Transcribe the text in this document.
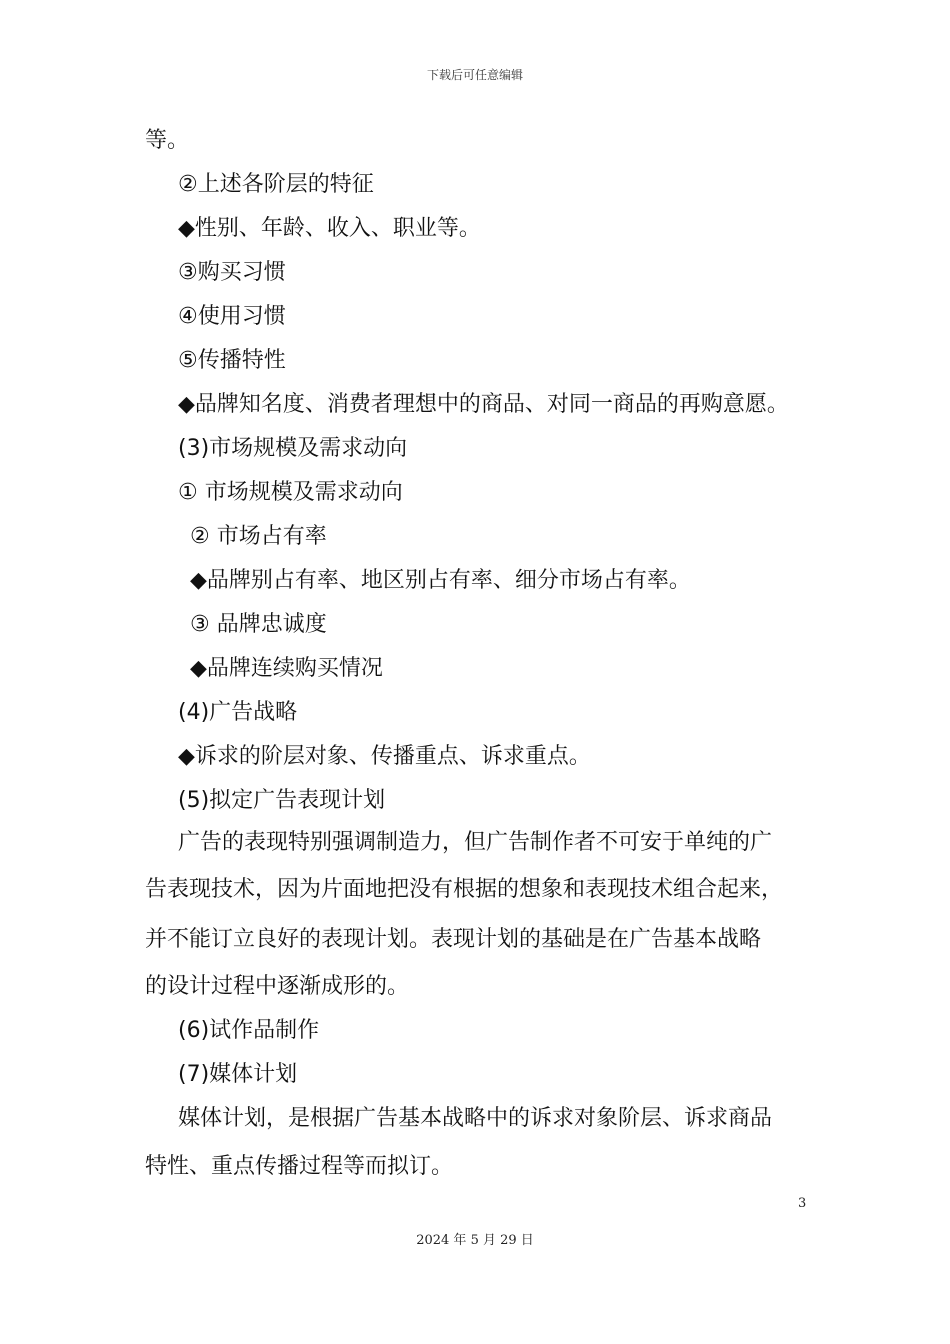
下载后可任意编辑
等。
②上述各阶层的特征
◆性别、年龄、收入、职业等。
③购买习惯
④使用习惯
⑤传播特性
◆品牌知名度、消费者理想中的商品、对同一商品的再购意愿。
(3)市场规模及需求动向
① 市场规模及需求动向
② 市场占有率
◆品牌别占有率、地区别占有率、细分市场占有率。
③ 品牌忠诚度
◆品牌连续购买情况
(4)广告战略
◆诉求的阶层对象、传播重点、诉求重点。
(5)拟定广告表现计划
广告的表现特别强调制造力，但广告制作者不可安于单纯的广
告表现技术，因为片面地把没有根据的想象和表现技术组合起来，
并不能订立良好的表现计划。表现计划的基础是在广告基本战略
的设计过程中逐渐成形的。
(6)试作品制作
(7)媒体计划
媒体计划，是根据广告基本战略中的诉求对象阶层、诉求商品
特性、重点传播过程等而拟订。
3
2024 年 5 月 29 日
